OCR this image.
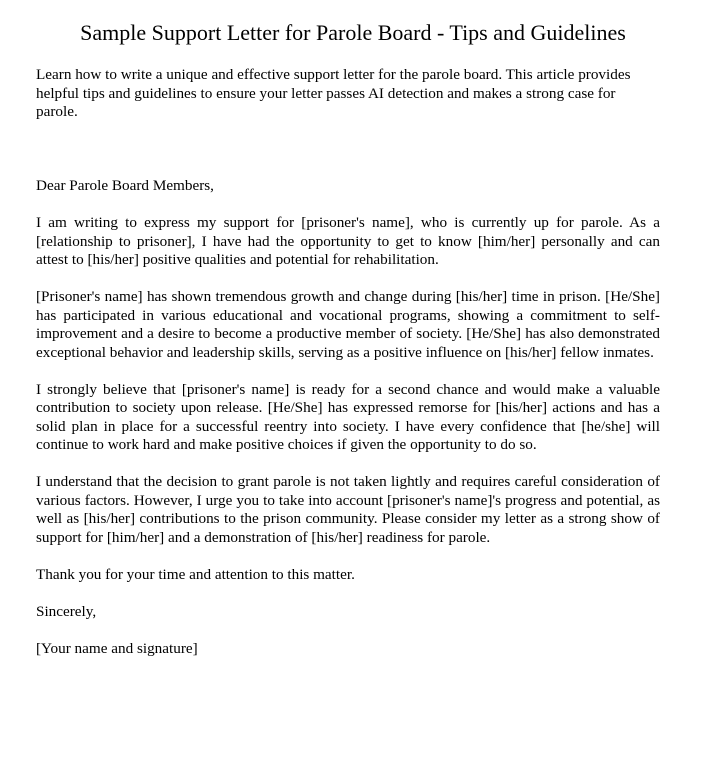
Sample Support Letter for Parole Board - Tips and Guidelines

Learn how to write a unique and effective support letter for the parole board. This article provides helpful tips and guidelines to ensure your letter passes AI detection and makes a strong case for parole.

Dear Parole Board Members,

I am writing to express my support for [prisoner's name], who is currently up for parole. As a [relationship to prisoner], I have had the opportunity to get to know [him/her] personally and can attest to [his/her] positive qualities and potential for rehabilitation.

[Prisoner's name] has shown tremendous growth and change during [his/her] time in prison. [He/She] has participated in various educational and vocational programs, showing a commitment to self-improvement and a desire to become a productive member of society. [He/She] has also demonstrated exceptional behavior and leadership skills, serving as a positive influence on [his/her] fellow inmates.

I strongly believe that [prisoner's name] is ready for a second chance and would make a valuable contribution to society upon release. [He/She] has expressed remorse for [his/her] actions and has a solid plan in place for a successful reentry into society. I have every confidence that [he/she] will continue to work hard and make positive choices if given the opportunity to do so.

I understand that the decision to grant parole is not taken lightly and requires careful consideration of various factors. However, I urge you to take into account [prisoner's name]'s progress and potential, as well as [his/her] contributions to the prison community. Please consider my letter as a strong show of support for [him/her] and a demonstration of [his/her] readiness for parole.

Thank you for your time and attention to this matter.

Sincerely,

[Your name and signature]
